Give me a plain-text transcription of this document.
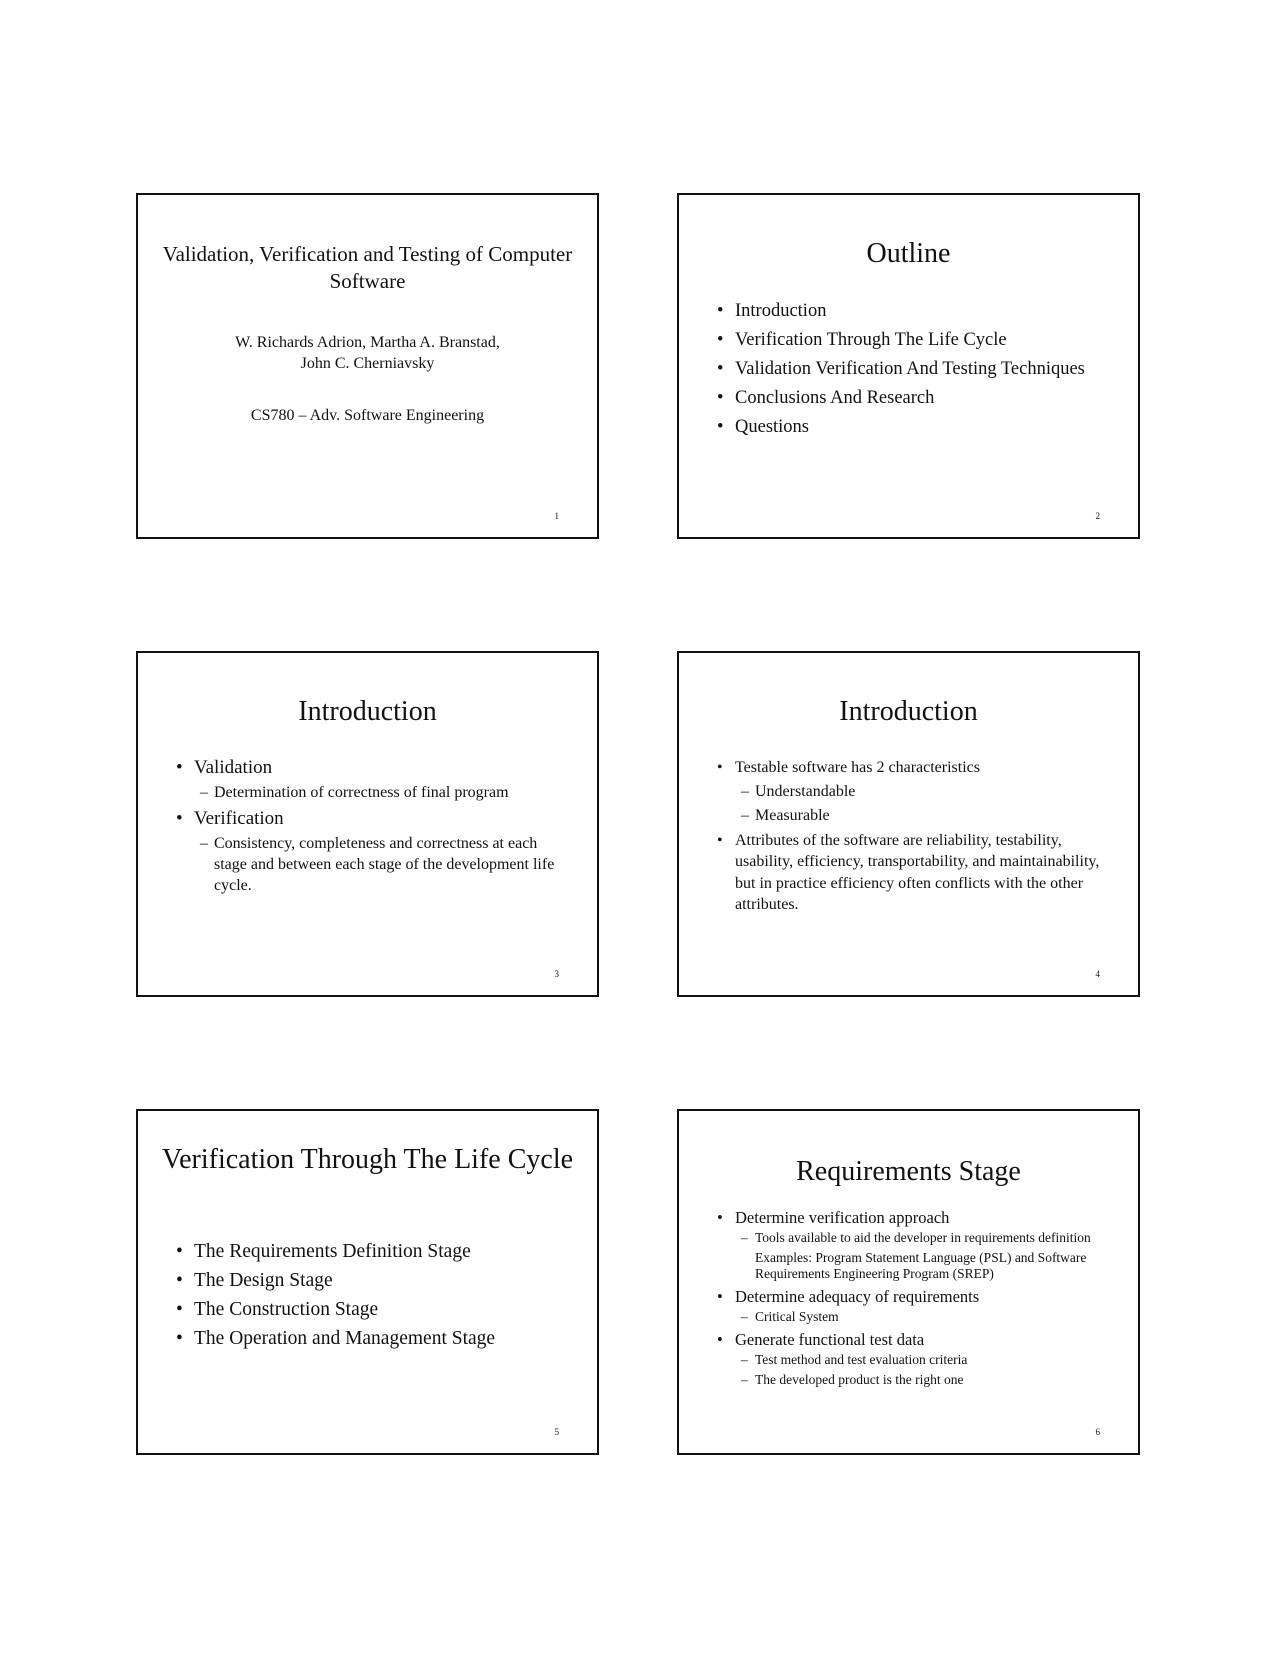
Validation, Verification and Testing of Computer Software
W. Richards Adrion, Martha A. Branstad,
John C. Cherniavsky
CS780 – Adv. Software Engineering
1
Outline
• Introduction
• Verification Through The Life Cycle
• Validation Verification And Testing Techniques
• Conclusions And Research
• Questions
2
Introduction
• Validation
– Determination of correctness of final program
• Verification
– Consistency, completeness and correctness at each stage and between each stage of the development life cycle.
3
Introduction
• Testable software has 2 characteristics
– Understandable
– Measurable
• Attributes of the software are reliability, testability, usability, efficiency, transportability, and maintainability, but in practice efficiency often conflicts with the other attributes.
4
Verification Through The Life Cycle
• The Requirements Definition Stage
• The Design Stage
• The Construction Stage
• The Operation and Management Stage
5
Requirements Stage
• Determine verification approach
– Tools available to aid the developer in requirements definition
Examples: Program Statement Language (PSL) and Software Requirements Engineering Program (SREP)
• Determine adequacy of requirements
– Critical System
• Generate functional test data
– Test method and test evaluation criteria
– The developed product is the right one
6
